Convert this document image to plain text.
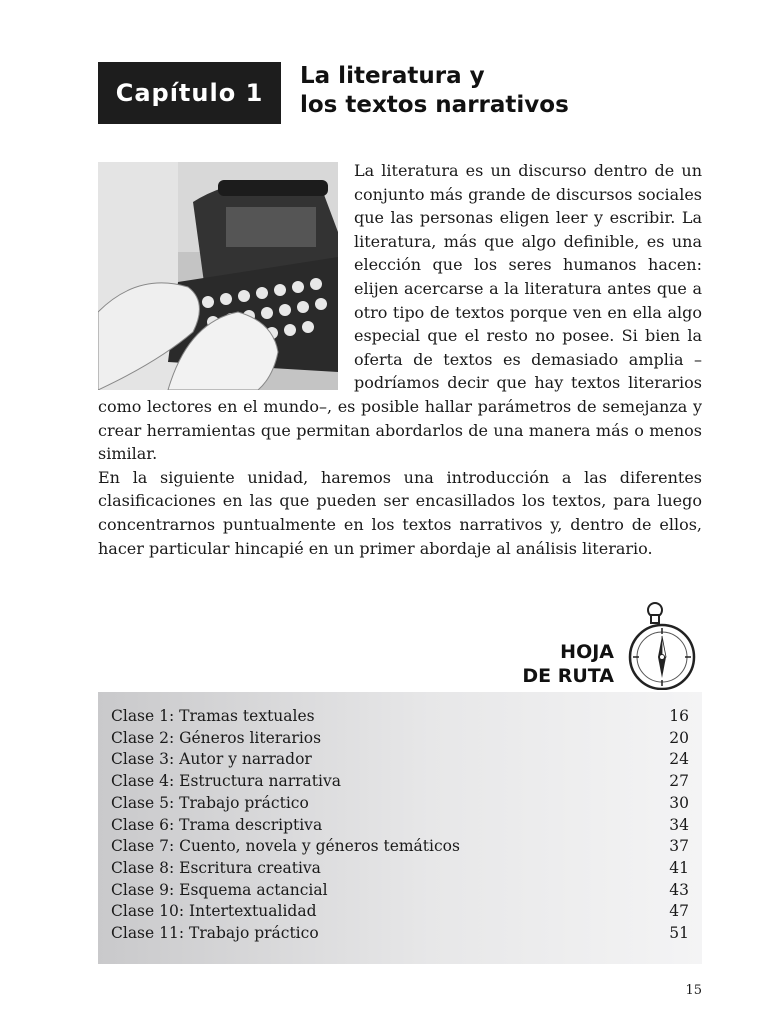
Capítulo 1
La literatura y
los textos narrativos

La literatura es un discurso dentro de un conjunto más grande de discursos sociales que las personas eligen leer y escribir. La literatura, más que algo definible, es una elección que los seres humanos hacen: elijen acercarse a la literatura antes que a otro tipo de textos porque ven en ella algo especial que el resto no posee. Si bien la oferta de textos es demasiado amplia –podríamos decir que hay textos literarios como lectores en el mundo–, es posible hallar parámetros de semejanza y crear herramientas que permitan abordarlos de una manera más o menos similar.

En la siguiente unidad, haremos una introducción a las diferentes clasificaciones en las que pueden ser encasillados los textos, para luego concentrarnos puntualmente en los textos narrativos y, dentro de ellos, hacer particular hincapié en un primer abordaje al análisis literario.

HOJA
DE RUTA
Clase 1: Tramas textuales	16
Clase 2: Géneros literarios	20
Clase 3: Autor y narrador	24
Clase 4: Estructura narrativa	27
Clase 5: Trabajo práctico	30
Clase 6: Trama descriptiva	34
Clase 7: Cuento, novela y géneros temáticos	37
Clase 8: Escritura creativa	41
Clase 9: Esquema actancial	43
Clase 10: Intertextualidad	47
Clase 11: Trabajo práctico	51
15
